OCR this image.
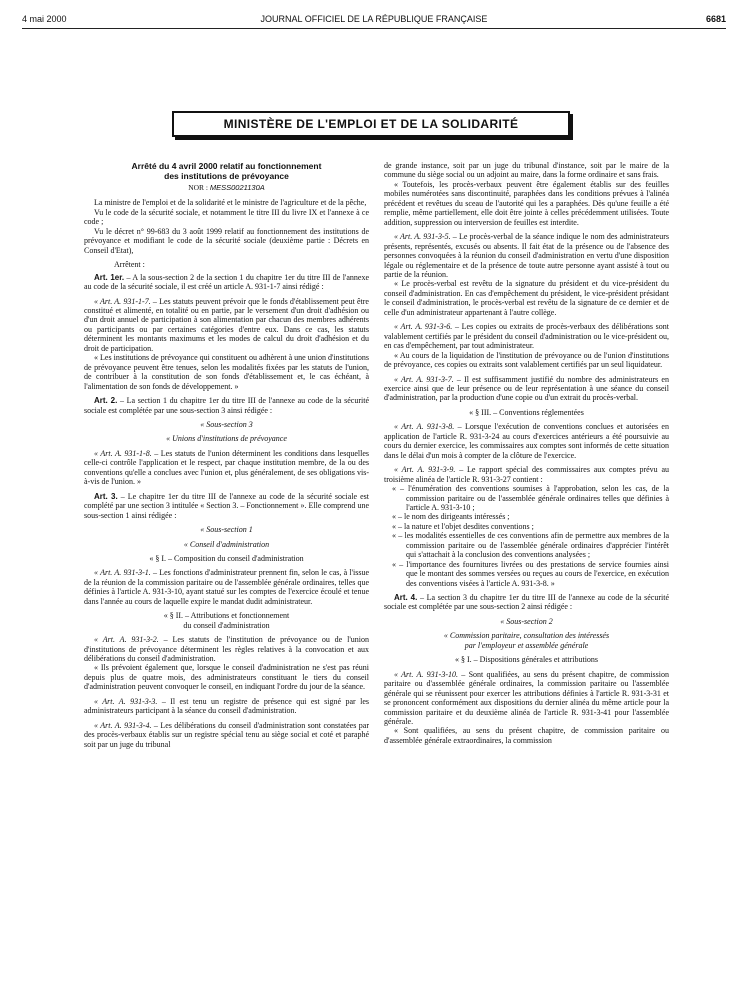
4 mai 2000	JOURNAL OFFICIEL DE LA RÉPUBLIQUE FRANÇAISE	6681
MINISTÈRE DE L'EMPLOI ET DE LA SOLIDARITÉ

Arrêté du 4 avril 2000 relatif au fonctionnement
des institutions de prévoyance

NOR : MESS0021130A

La ministre de l'emploi et de la solidarité et le ministre de l'agriculture et de la pêche,

Vu le code de la sécurité sociale, et notamment le titre III du livre IX et l'annexe à ce code ;

Vu le décret n° 99-683 du 3 août 1999 relatif au fonctionnement des institutions de prévoyance et modifiant le code de la sécurité sociale (deuxième partie : Décrets en Conseil d'Etat),

Arrêtent :

Art. 1er. – A la sous-section 2 de la section 1 du chapitre 1er du titre III de l'annexe au code de la sécurité sociale, il est créé un article A. 931-1-7 ainsi rédigé :

« Art. A. 931-1-7. – Les statuts peuvent prévoir que le fonds d'établissement peut être constitué et alimenté, en totalité ou en partie, par le versement d'un droit d'adhésion ou d'un droit annuel de participation à son alimentation par chacun des membres adhérents ou participants ou par certaines catégories d'entre eux. Dans ce cas, les statuts déterminent les montants maximums et les modes de calcul du droit d'adhésion et du droit de participation.

« Les institutions de prévoyance qui constituent ou adhèrent à une union d'institutions de prévoyance peuvent être tenues, selon les modalités fixées par les statuts de l'union, de contribuer à la constitution de son fonds d'établissement et, le cas échéant, à l'alimentation de son fonds de développement. »

Art. 2. – La section 1 du chapitre 1er du titre III de l'annexe au code de la sécurité sociale est complétée par une sous-section 3 ainsi rédigée :

« Sous-section 3

« Unions d'institutions de prévoyance

« Art. A. 931-1-8. – Les statuts de l'union déterminent les conditions dans lesquelles celle-ci contrôle l'application et le respect, par chaque institution membre, de la ou des conventions qu'elle a conclues avec l'union et, plus généralement, de ses obligations vis-à-vis de l'union. »

Art. 3. – Le chapitre 1er du titre III de l'annexe au code de la sécurité sociale est complété par une section 3 intitulée « Section 3. – Fonctionnement ». Elle comprend une sous-section 1 ainsi rédigée :

« Sous-section 1

« Conseil d'administration

« § I. – Composition du conseil d'administration

« Art. A. 931-3-1. – Les fonctions d'administrateur prennent fin, selon le cas, à l'issue de la réunion de la commission paritaire ou de l'assemblée générale ordinaires, telles que définies à l'article A. 931-3-10, ayant statué sur les comptes de l'exercice écoulé et tenue dans l'année au cours de laquelle expire le mandat dudit administrateur.

« § II. – Attributions et fonctionnement
du conseil d'administration

« Art. A. 931-3-2. – Les statuts de l'institution de prévoyance ou de l'union d'institutions de prévoyance déterminent les règles relatives à la convocation et aux délibérations du conseil d'administration.

« Ils prévoient également que, lorsque le conseil d'administration ne s'est pas réuni depuis plus de quatre mois, des administrateurs constituant le tiers du conseil d'administration peuvent convoquer le conseil, en indiquant l'ordre du jour de la séance.

« Art. A. 931-3-3. – Il est tenu un registre de présence qui est signé par les administrateurs participant à la séance du conseil d'administration.

« Art. A. 931-3-4. – Les délibérations du conseil d'administration sont constatées par des procès-verbaux établis sur un registre spécial tenu au siège social et coté et paraphé soit par un juge du tribunal

de grande instance, soit par un juge du tribunal d'instance, soit par le maire de la commune du siège social ou un adjoint au maire, dans la forme ordinaire et sans frais.

« Toutefois, les procès-verbaux peuvent être également établis sur des feuilles mobiles numérotées sans discontinuité, paraphées dans les conditions prévues à l'alinéa précédent et revêtues du sceau de l'autorité qui les a paraphées. Dès qu'une feuille a été remplie, même partiellement, elle doit être jointe à celles précédemment utilisées. Toute addition, suppression ou interversion de feuilles est interdite.

« Art. A. 931-3-5. – Le procès-verbal de la séance indique le nom des administrateurs présents, représentés, excusés ou absents. Il fait état de la présence ou de l'absence des personnes convoquées à la réunion du conseil d'administration en vertu d'une disposition légale ou réglementaire et de la présence de toute autre personne ayant assisté à tout ou partie de la réunion.

« Le procès-verbal est revêtu de la signature du président et du vice-président du conseil d'administration. En cas d'empêchement du président, le vice-président présidant le conseil d'administration, le procès-verbal est revêtu de la signature de ce dernier et de celle d'un administrateur appartenant à l'autre collège.

« Art. A. 931-3-6. – Les copies ou extraits de procès-verbaux des délibérations sont valablement certifiés par le président du conseil d'administration ou le vice-président ou, en cas d'empêchement, par tout administrateur.

« Au cours de la liquidation de l'institution de prévoyance ou de l'union d'institutions de prévoyance, ces copies ou extraits sont valablement certifiés par un seul liquidateur.

« Art. A. 931-3-7. – Il est suffisamment justifié du nombre des administrateurs en exercice ainsi que de leur présence ou de leur représentation à une séance du conseil d'administration, par la production d'une copie ou d'un extrait du procès-verbal.

« § III. – Conventions réglementées

« Art. A. 931-3-8. – Lorsque l'exécution de conventions conclues et autorisées en application de l'article R. 931-3-24 au cours d'exercices antérieurs a été poursuivie au cours du dernier exercice, les commissaires aux comptes sont informés de cette situation dans le délai d'un mois à compter de la clôture de l'exercice.

« Art. A. 931-3-9. – Le rapport spécial des commissaires aux comptes prévu au troisième alinéa de l'article R. 931-3-27 contient :

« – l'énumération des conventions soumises à l'approbation, selon les cas, de la commission paritaire ou de l'assemblée générale ordinaires telles que définies à l'article A. 931-3-10 ;
« – le nom des dirigeants intéressés ;
« – la nature et l'objet desdites conventions ;
« – les modalités essentielles de ces conventions afin de permettre aux membres de la commission paritaire ou de l'assemblée générale ordinaires d'apprécier l'intérêt qui s'attachait à la conclusion des conventions analysées ;
« – l'importance des fournitures livrées ou des prestations de service fournies ainsi que le montant des sommes versées ou reçues au cours de l'exercice, en exécution des conventions visées à l'article A. 931-3-8. »

Art. 4. – La section 3 du chapitre 1er du titre III de l'annexe au code de la sécurité sociale est complétée par une sous-section 2 ainsi rédigée :

« Sous-section 2

« Commission paritaire, consultation des intéressés
par l'employeur et assemblée générale

« § I. – Dispositions générales et attributions

« Art. A. 931-3-10. – Sont qualifiées, au sens du présent chapitre, de commission paritaire ou d'assemblée générale ordinaires, la commission paritaire ou l'assemblée générale qui se réunissent pour exercer les attributions définies à l'article R. 931-3-31 et se prononcent conformément aux dispositions du dernier alinéa du même article pour la commission paritaire et du deuxième alinéa de l'article R. 931-3-41 pour l'assemblée générale.

« Sont qualifiées, au sens du présent chapitre, de commission paritaire ou d'assemblée générale extraordinaires, la commission
